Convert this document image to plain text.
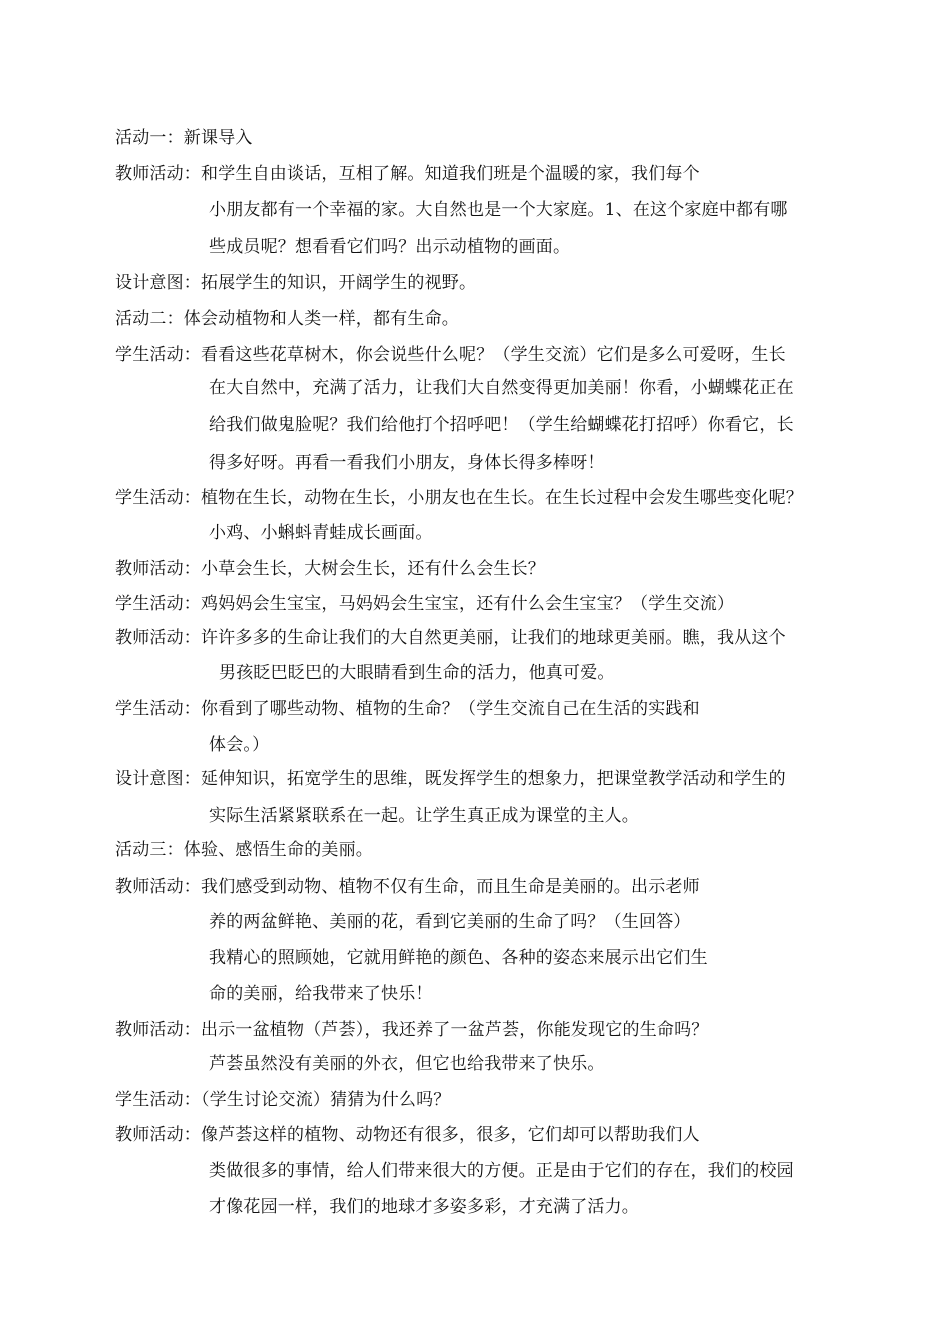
活动一：新课导入
教师活动：和学生自由谈话，互相了解。知道我们班是个温暖的家，我们每个
小朋友都有一个幸福的家。大自然也是一个大家庭。1、在这个家庭中都有哪
些成员呢？想看看它们吗？出示动植物的画面。
设计意图：拓展学生的知识，开阔学生的视野。
活动二：体会动植物和人类一样，都有生命。
学生活动：看看这些花草树木，你会说些什么呢？（学生交流）它们是多么可爱呀，生长
在大自然中，充满了活力，让我们大自然变得更加美丽！你看，小蝴蝶花正在
给我们做鬼脸呢？我们给他打个招呼吧！（学生给蝴蝶花打招呼）你看它，长
得多好呀。再看一看我们小朋友，身体长得多棒呀！
学生活动：植物在生长，动物在生长，小朋友也在生长。在生长过程中会发生哪些变化呢？
小鸡、小蝌蚪青蛙成长画面。
教师活动：小草会生长，大树会生长，还有什么会生长？
学生活动：鸡妈妈会生宝宝，马妈妈会生宝宝，还有什么会生宝宝？（学生交流）
教师活动：许许多多的生命让我们的大自然更美丽，让我们的地球更美丽。瞧，我从这个
男孩眨巴眨巴的大眼睛看到生命的活力，他真可爱。
学生活动：你看到了哪些动物、植物的生命？（学生交流自己在生活的实践和
体会。）
设计意图：延伸知识，拓宽学生的思维，既发挥学生的想象力，把课堂教学活动和学生的
实际生活紧紧联系在一起。让学生真正成为课堂的主人。
活动三：体验、感悟生命的美丽。
教师活动：我们感受到动物、植物不仅有生命，而且生命是美丽的。出示老师
养的两盆鲜艳、美丽的花，看到它美丽的生命了吗？（生回答）
我精心的照顾她，它就用鲜艳的颜色、各种的姿态来展示出它们生
命的美丽，给我带来了快乐！
教师活动：出示一盆植物（芦荟），我还养了一盆芦荟，你能发现它的生命吗？
芦荟虽然没有美丽的外衣，但它也给我带来了快乐。
学生活动：（学生讨论交流）猜猜为什么吗？
教师活动：像芦荟这样的植物、动物还有很多，很多，它们却可以帮助我们人
类做很多的事情，给人们带来很大的方便。正是由于它们的存在，我们的校园
才像花园一样，我们的地球才多姿多彩，才充满了活力。
